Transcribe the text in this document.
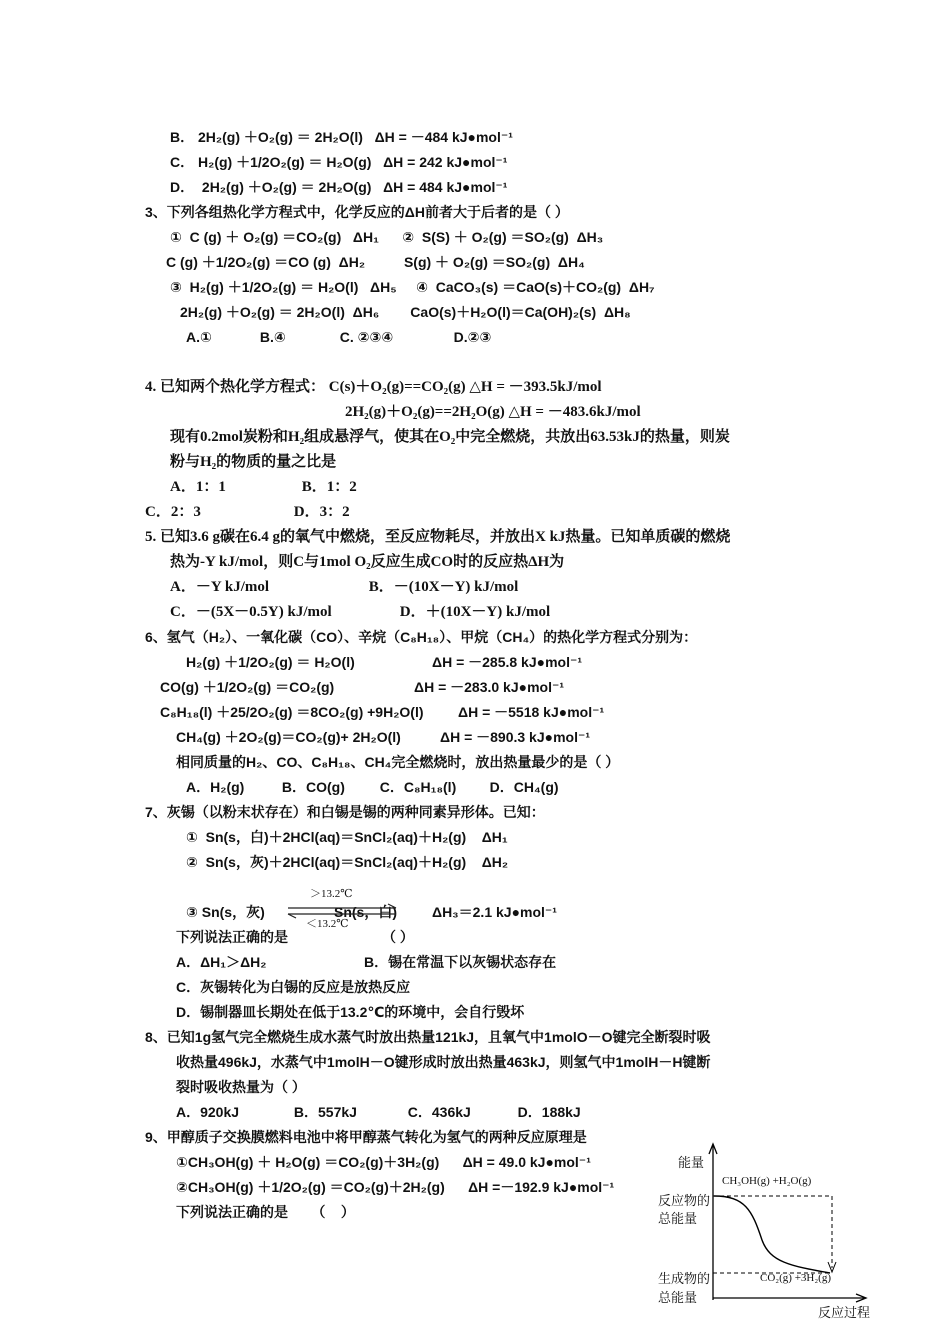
B． 2H₂(g) ＋O₂(g) ＝ 2H₂O(l) ΔH = －484 kJ●mol⁻¹
C． H₂(g) ＋1/2O₂(g) ＝ H₂O(g) ΔH = 242 kJ●mol⁻¹
D． 2H₂(g) ＋O₂(g) ＝ 2H₂O(g) ΔH = 484 kJ●mol⁻¹
3、下列各组热化学方程式中，化学反应的ΔH前者大于后者的是（ ）
①  C (g) ＋ O₂(g) ＝CO₂(g)   ΔH₁      ②  S(S) ＋ O₂(g) ＝SO₂(g)  ΔH₃
C (g) ＋1/2O₂(g) ＝CO (g)  ΔH₂          S(g) ＋ O₂(g) ＝SO₂(g)  ΔH₄
③  H₂(g) ＋1/2O₂(g) ＝ H₂O(l)   ΔH₅     ④  CaCO₃(s) ＝CaO(s)＋CO₂(g)  ΔH₇
2H₂(g) ＋O₂(g) ＝ 2H₂O(l)  ΔH₆        CaO(s)＋H₂O(l)＝Ca(OH)₂(s)  ΔH₈
A.①	B.④	C. ②③④	D.②③
4. 已知两个热化学方程式： C(s)＋O₂(g)==CO₂(g) △H = －393.5kJ/mol
2H₂(g)＋O₂(g)==2H₂O(g) △H = －483.6kJ/mol
现有0.2mol炭粉和H₂组成悬浮气，使其在O₂中完全燃烧，共放出63.53kJ的热量，则炭
粉与H₂的物质的量之比是
A．1：1	B．1：2
C．2：3	D．3：2
5. 已知3.6 g碳在6.4 g的氧气中燃烧，至反应物耗尽，并放出X kJ热量。已知单质碳的燃烧
热为-Y kJ/mol，则C与1mol O₂反应生成CO时的反应热ΔH为
A．－Y kJ/mol	B．－(10X－Y) kJ/mol
C．－(5X－0.5Y) kJ/mol	D．＋(10X－Y) kJ/mol
6、氢气（H₂）、一氧化碳（CO）、辛烷（C₈H₁₈）、甲烷（CH₄）的热化学方程式分别为：
H₂(g) ＋1/2O₂(g) ＝ H₂O(l)	ΔH = －285.8 kJ●mol⁻¹
CO(g) ＋1/2O₂(g) ＝CO₂(g)	ΔH = －283.0 kJ●mol⁻¹
C₈H₁₈(l) ＋25/2O₂(g) ＝8CO₂(g) +9H₂O(l) ΔH = －5518 kJ●mol⁻¹
CH₄(g) ＋2O₂(g)＝CO₂(g)+ 2H₂O(l)	ΔH = －890.3 kJ●mol⁻¹
相同质量的H₂、CO、C₈H₁₈、CH₄完全燃烧时，放出热量最少的是（ ）
A．H₂(g)	B．CO(g) C．C₈H₁₈(l) D．CH₄(g)
7、灰锡（以粉末状存在）和白锡是锡的两种同素异形体。已知：
①  Sn(s，白)＋2HCl(aq)＝SnCl₂(aq)＋H₂(g)    ΔH₁
②  Sn(s，灰)＋2HCl(aq)＝SnCl₂(aq)＋H₂(g)    ΔH₂
＞13.2℃
③ Sn(s，灰)	Sn(s，白)	ΔH₃＝2.1 kJ●mol⁻¹
＜13.2℃
下列说法正确的是	（ ）
A．ΔH₁＞ΔH₂	B．锡在常温下以灰锡状态存在
C．灰锡转化为白锡的反应是放热反应
D．锡制器皿长期处在低于13.2℃的环境中，会自行毁坏
8、已知1g氢气完全燃烧生成水蒸气时放出热量121kJ，且氧气中1molO－O键完全断裂时吸
收热量496kJ，水蒸气中1molH－O键形成时放出热量463kJ，则氢气中1molH－H键断
裂时吸收热量为（ ）
A．920kJ	B．557kJ	C．436kJ	D．188kJ
9、甲醇质子交换膜燃料电池中将甲醇蒸气转化为氢气的两种反应原理是
①CH₃OH(g) ＋ H₂O(g) ＝CO₂(g)＋3H₂(g)      ΔH = 49.0 kJ●mol⁻¹
②CH₃OH(g) ＋1/2O₂(g) ＝CO₂(g)＋2H₂(g)      ΔH =－192.9 kJ●mol⁻¹
下列说法正确的是      （    ）
能量
CH₃OH(g) +H₂O(g)
反应物的
总能量
生成物的
总能量
CO₂(g) +3H₂(g)
反应过程
